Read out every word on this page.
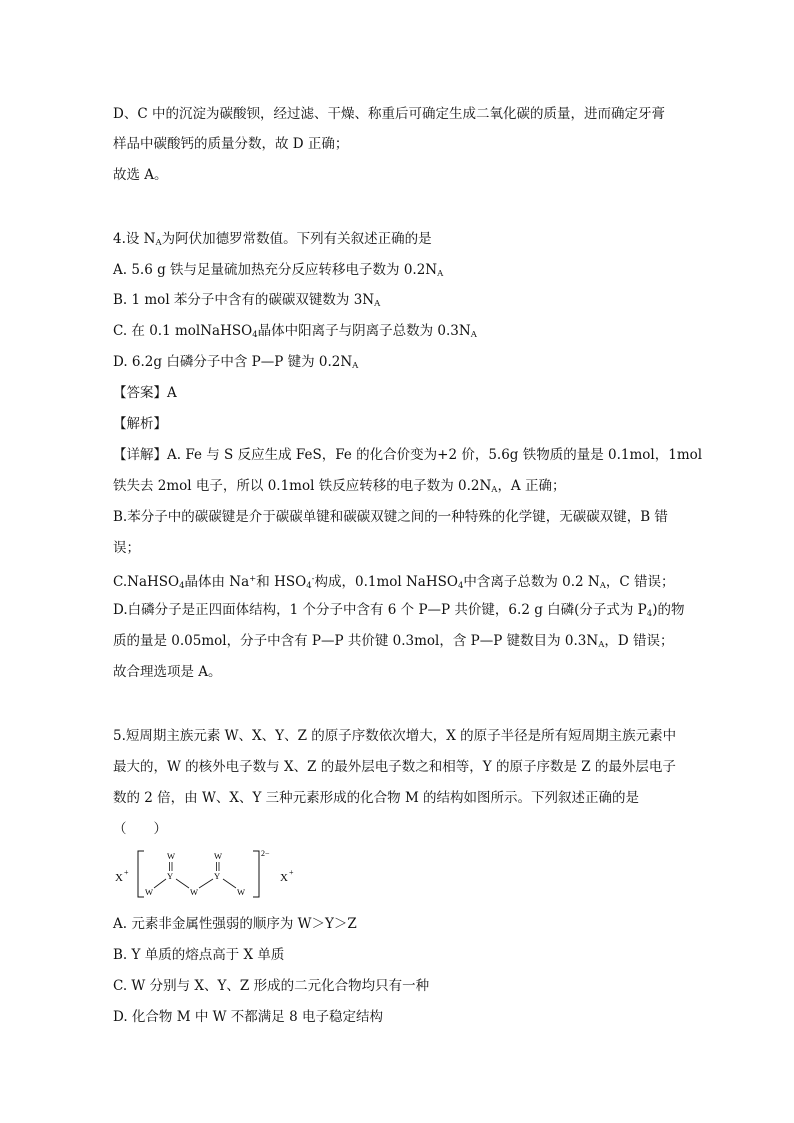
D、C 中的沉淀为碳酸钡，经过滤、干燥、称重后可确定生成二氧化碳的质量，进而确定牙膏
样品中碳酸钙的质量分数，故 D 正确；
故选 A。
4.设 $N_A$为阿伏加德罗常数值。下列有关叙述正确的是
A. 5.6 g 铁与足量硫加热充分反应转移电子数为 $0.2N_A$
B. 1 mol 苯分子中含有的碳碳双键数为 $3N_A$
C. 在 0.1 molNaHSO$_4$晶体中阳离子与阴离子总数为 $0.3N_A$
D. 6.2g 白磷分子中含 P—P 键为 $0.2N_A$
【答案】A
【解析】
【详解】A. Fe 与 S 反应生成 FeS，Fe 的化合价变为+2 价，5.6g 铁物质的量是 0.1mol，1mol
铁失去 2mol 电子，所以 0.1mol 铁反应转移的电子数为 $0.2N_A$，A 正确；
B.苯分子中的碳碳键是介于碳碳单键和碳碳双键之间的一种特殊的化学键，无碳碳双键，B 错
误；
C.NaHSO$_4$晶体由 Na+和 $HSO_4^-$构成，0.1mol NaHSO$_4$中含离子总数为 0.2 $N_A$，C 错误；
D.白磷分子是正四面体结构，1 个分子中含有 6 个 P—P 共价键，6.2 g 白磷(分子式为 $P_4$)的物
质的量是 0.05mol，分子中含有 P—P 共价键 0.3mol，含 P—P 键数目为 $0.3N_A$，D 错误；
故合理选项是 A。
5.短周期主族元素 W、X、Y、Z 的原子序数依次增大，X 的原子半径是所有短周期主族元素中
最大的，W 的核外电子数与 X、Z 的最外层电子数之和相等，Y 的原子序数是 Z 的最外层电子
数的 2 倍，由 W、X、Y 三种元素形成的化合物 M 的结构如图所示。下列叙述正确的是
（　　）
X +
W	W
Y	Y
W	W	W
2−
X +
A. 元素非金属性强弱的顺序为 W＞Y＞Z
B. Y 单质的熔点高于 X 单质
C. W 分别与 X、Y、Z 形成的二元化合物均只有一种
D. 化合物 M 中 W 不都满足 8 电子稳定结构
